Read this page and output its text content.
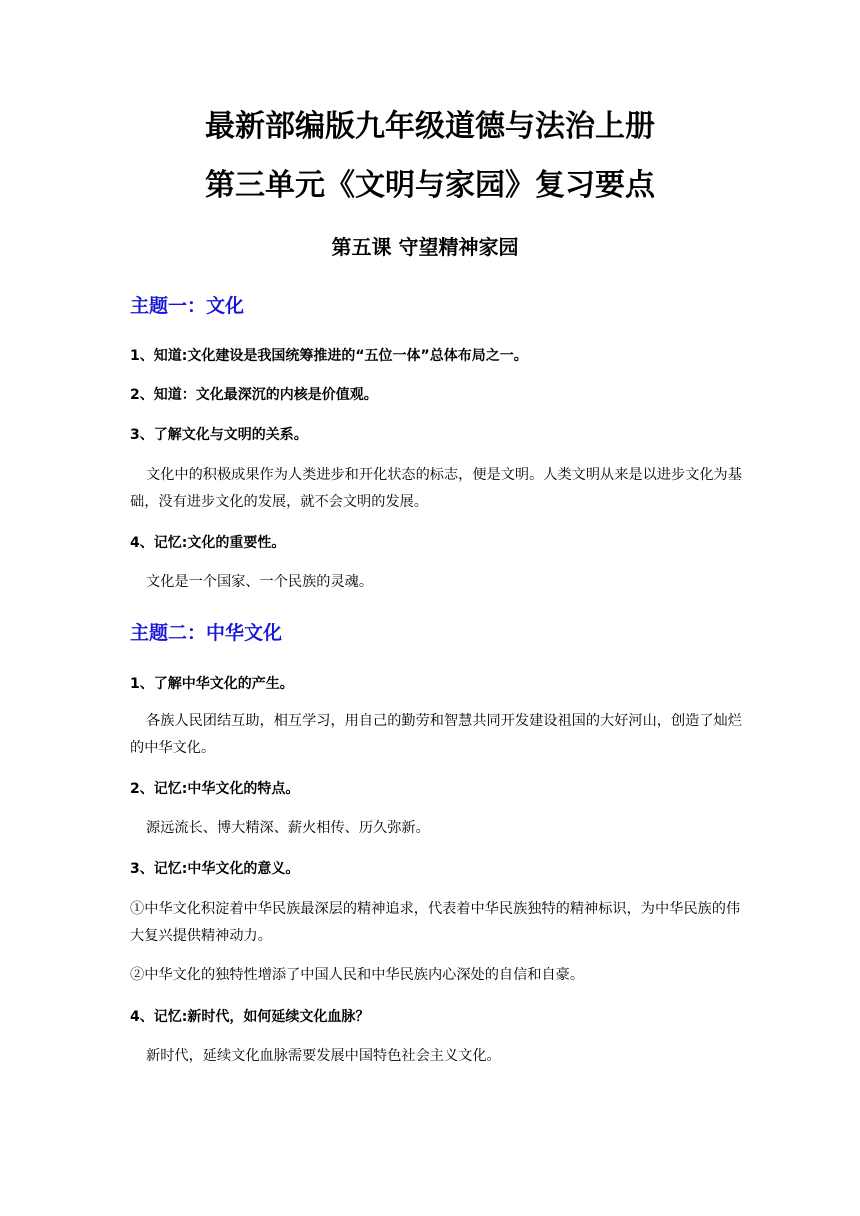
最新部编版九年级道德与法治上册
第三单元《文明与家园》复习要点
第五课 守望精神家园
主题一：文化
1、知道:文化建设是我国统筹推进的“五位一体”总体布局之一。
2、知道：文化最深沉的内核是价值观。
3、了解文化与文明的关系。
文化中的积极成果作为人类进步和开化状态的标志，便是文明。人类文明从来是以进步文化为基础，没有进步文化的发展，就不会文明的发展。
4、记忆:文化的重要性。
文化是一个国家、一个民族的灵魂。
主题二：中华文化
1、了解中华文化的产生。
各族人民团结互助，相互学习，用自己的勤劳和智慧共同开发建设祖国的大好河山，创造了灿烂的中华文化。
2、记忆:中华文化的特点。
源远流长、博大精深、薪火相传、历久弥新。
3、记忆:中华文化的意义。
①中华文化积淀着中华民族最深层的精神追求，代表着中华民族独特的精神标识，为中华民族的伟大复兴提供精神动力。
②中华文化的独特性增添了中国人民和中华民族内心深处的自信和自豪。
4、记忆:新时代，如何延续文化血脉？
新时代，延续文化血脉需要发展中国特色社会主义文化。
